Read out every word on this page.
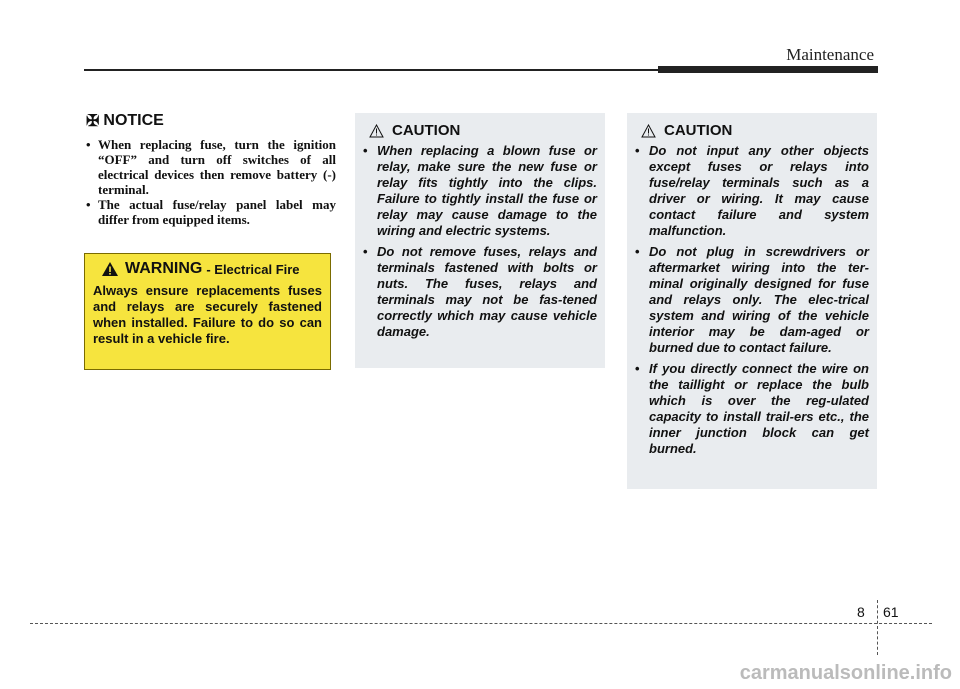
Maintenance
✠ NOTICE
• When replacing fuse, turn the ignition “OFF” and turn off switches of all electrical devices then remove battery (-) terminal.
• The actual fuse/relay panel label may differ from equipped items.
WARNING - Electrical Fire
Always ensure replacements fuses and relays are securely fastened when installed. Failure to do so can result in a vehicle fire.
CAUTION
• When replacing a blown fuse or relay, make sure the new fuse or relay fits tightly into the clips. Failure to tightly install the fuse or relay may cause damage to the wiring and electric systems.
• Do not remove fuses, relays and terminals fastened with bolts or nuts. The fuses, relays and terminals may not be fas-tened correctly which may cause vehicle damage.
CAUTION
• Do not input any other objects except fuses or relays into fuse/relay terminals such as a driver or wiring. It may cause contact failure and system malfunction.
• Do not plug in screwdrivers or aftermarket wiring into the ter-minal originally designed for fuse and relays only. The elec-trical system and wiring of the vehicle interior may be dam-aged or burned due to contact failure.
• If you directly connect the wire on the taillight or replace the bulb which is over the reg-ulated capacity to install trail-ers etc., the inner junction block can get burned.
8 61
carmanualsonline.info
